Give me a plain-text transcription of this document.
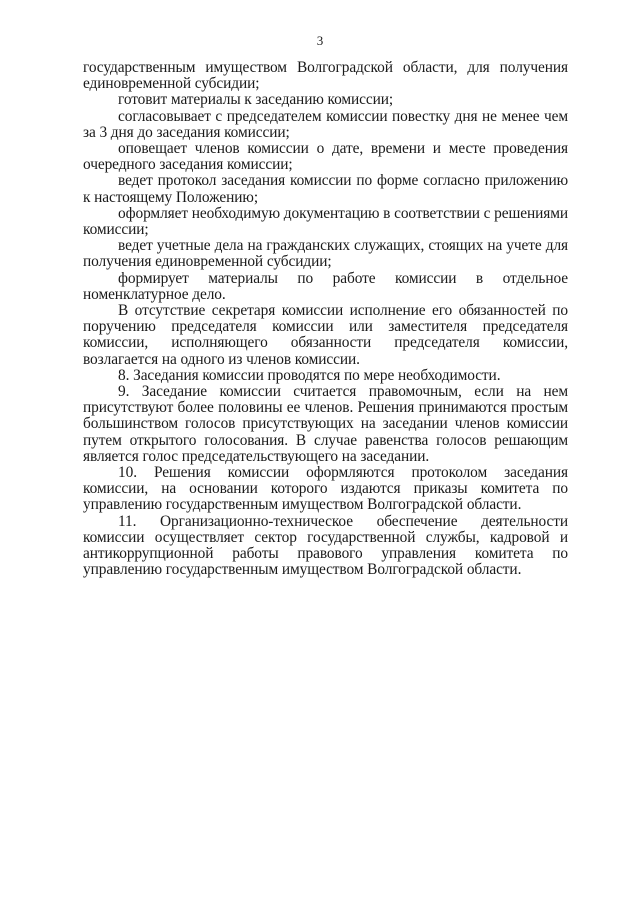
3

государственным имуществом Волгоградской области, для получения единовременной субсидии;

готовит материалы к заседанию комиссии;

согласовывает с председателем комиссии повестку дня не менее чем за 3 дня до заседания комиссии;

оповещает членов комиссии о дате, времени и месте проведения очередного заседания комиссии;

ведет протокол заседания комиссии по форме согласно приложению к настоящему Положению;

оформляет необходимую документацию в соответствии с решениями комиссии;

ведет учетные дела на гражданских служащих, стоящих на учете для получения единовременной субсидии;

формирует материалы по работе комиссии в отдельное номенклатурное дело.

В отсутствие секретаря комиссии исполнение его обязанностей по поручению председателя комиссии или заместителя председателя комиссии, исполняющего обязанности председателя комиссии, возлагается на одного из членов комиссии.

8. Заседания комиссии проводятся по мере необходимости.

9. Заседание комиссии считается правомочным, если на нем присутствуют более половины ее членов. Решения принимаются простым большинством голосов присутствующих на заседании членов комиссии путем открытого голосования. В случае равенства голосов решающим является голос председательствующего на заседании.

10. Решения комиссии оформляются протоколом заседания комиссии, на основании которого издаются приказы комитета по управлению государственным имуществом Волгоградской области.

11. Организационно-техническое обеспечение деятельности комиссии осуществляет сектор государственной службы, кадровой и антикоррупционной работы правового управления комитета по управлению государственным имуществом Волгоградской области.
